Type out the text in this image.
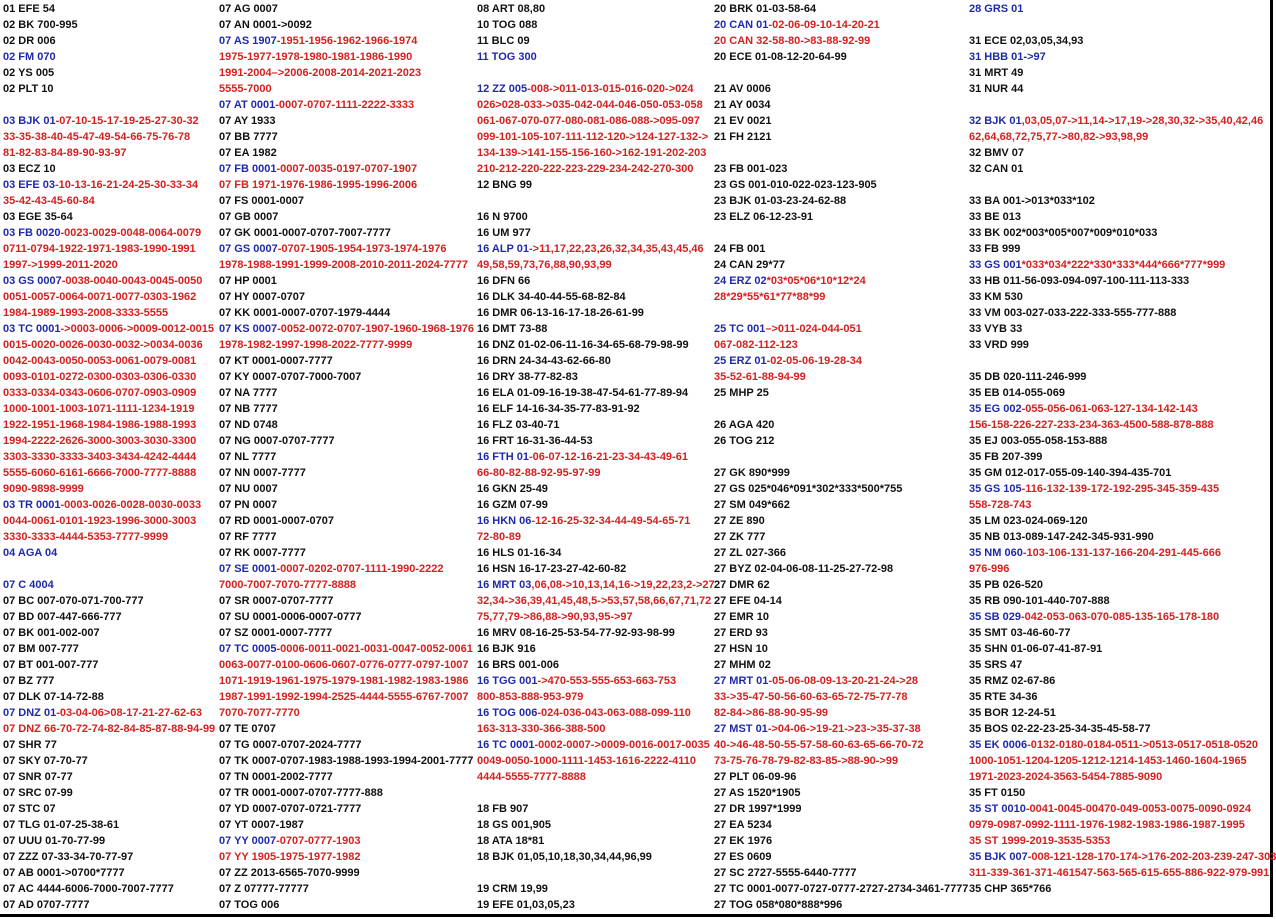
01 EFE 54
02 BK 700-995
02 DR 006
02 FM 070
02 YS 005
02 PLT 10
03 BJK 01-07-10-15-17-19-25-27-30-32
33-35-38-40-45-47-49-54-66-75-76-78
81-82-83-84-89-90-93-97
03 ECZ 10
03 EFE 03-10-13-16-21-24-25-30-33-34
35-42-43-45-60-84
03 EGE 35-64
03 FB 0020-0023-0029-0048-0064-0079
0711-0794-1922-1971-1983-1990-1991
1997->1999-2011-2020
03 GS 0007-0038-0040-0043-0045-0050
0051-0057-0064-0071-0077-0303-1962
1984-1989-1993-2008-3333-5555
03 TC 0001->0003-0006->0009-0012-0015
0015-0020-0026-0030-0032->0034-0036
0042-0043-0050-0053-0061-0079-0081
0093-0101-0272-0300-0303-0306-0330
0333-0334-0343-0606-0707-0903-0909
1000-1001-1003-1071-1111-1234-1919
1922-1951-1968-1984-1986-1988-1993
1994-2222-2626-3000-3003-3030-3300
3303-3330-3333-3403-3434-4242-4444
5555-6060-6161-6666-7000-7777-8888
9090-9898-9999
03 TR 0001-0003-0026-0028-0030-0033
0044-0061-0101-1923-1996-3000-3003
3330-3333-4444-5353-7777-9999
04 AGA 04
07 C 4004
07 BC 007-070-071-700-777
07 BD 007-447-666-777
07 BK 001-002-007
07 BM 007-777
07 BT 001-007-777
07 BZ 777
07 DLK 07-14-72-88
07 DNZ 01-03-04-06>08-17-21-27-62-63
07 DNZ 66-70-72-74-82-84-85-87-88-94-99
07 SHR 77
07 SKY 07-70-77
07 SNR 07-77
07 SRC 07-99
07 STC 07
07 TLG 01-07-25-38-61
07 UUU 01-70-77-99
07 ZZZ 07-33-34-70-77-97
07 AB 0001->0700*7777
07 AC 4444-6006-7000-7007-7777
07 AD 0707-7777
07 AG 0007
07 AN 0001->0092
07 AS 1907-1951-1956-1962-1966-1974
1975-1977-1978-1980-1981-1986-1990
1991-2004–>2006-2008-2014-2021-2023
5555-7000
07 AT 0001-0007-0707-1111-2222-3333
07 AY 1933
07 BB 7777
07 EA 1982
07 FB 0001-0007-0035-0197-0707-1907
07 FB 1971-1976-1986-1995-1996-2006
07 FS 0001-0007
07 GB 0007
07 GK 0001-0007-0707-7007-7777
07 GS 0007-0707-1905-1954-1973-1974-1976
1978-1988-1991-1999-2008-2010-2011-2024-7777
07 HP 0001
07 HY 0007-0707
07 KK 0001-0007-0707-1979-4444
07 KS 0007-0052-0072-0707-1907-1960-1968-1976
1978-1982-1997-1998-2022-7777-9999
07 KT 0001-0007-7777
07 KY 0007-0707-7000-7007
07 NA 7777
07 NB 7777
07 ND 0748
07 NG 0007-0707-7777
07 NL 7777
07 NN 0007-7777
07 NU 0007
07 PN 0007
07 RD 0001-0007-0707
07 RF 7777
07 RK 0007-7777
07 SE 0001-0007-0202-0707-1111-1990-2222
7000-7007-7070-7777-8888
07 SR 0007-0707-7777
07 SU 0001-0006-0007-0777
07 SZ 0001-0007-7777
07 TC 0005-0006-0011-0021-0031-0047-0052-0061
0063-0077-0100-0606-0607-0776-0777-0797-1007
1071-1919-1961-1975-1979-1981-1982-1983-1986
1987-1991-1992-1994-2525-4444-5555-6767-7007
7070-7077-7770
07 TE 0707
07 TG 0007-0707-2024-7777
07 TK 0007-0707-1983-1988-1993-1994-2001-7777
07 TN 0001-2002-7777
07 TR 0001-0007-0707-7777-888
07 YD 0007-0707-0721-7777
07 YT 0007-1987
07 YY 0007-0707-0777-1903
07 YY 1905-1975-1977-1982
07 ZZ 2013-6565-7070-9999
07 Z 07777-77777
07 TOG 006
08 ART 08,80
10 TOG 088
11 BLC 09
11 TOG 300
12 ZZ 005-008->011-013-015-016-020->024
026>028-033->035-042-044-046-050-053-058
061-067-070-077-080-081-086-088->095-097
099-101-105-107-111-112-120->124-127-132->
134-139->141-155-156-160->162-191-202-203
210-212-220-222-223-229-234-242-270-300
12 BNG 99
16 N 9700
16 UM 977
16 ALP 01->11,17,22,23,26,32,34,35,43,45,46
49,58,59,73,76,88,90,93,99
16 DFN 66
16 DLK 34-40-44-55-68-82-84
16 DMR 06-13-16-17-18-26-61-99
16 DMT 73-88
16 DNZ 01-02-06-11-16-34-65-68-79-98-99
16 DRN 24-34-43-62-66-80
16 DRY 38-77-82-83
16 ELA 01-09-16-19-38-47-54-61-77-89-94
16 ELF 14-16-34-35-77-83-91-92
16 FLZ 03-40-71
16 FRT 16-31-36-44-53
16 FTH 01-06-07-12-16-21-23-34-43-49-61
66-80-82-88-92-95-97-99
16 GKN 25-49
16 GZM 07-99
16 HKN 06-12-16-25-32-34-44-49-54-65-71
72-80-89
16 HLS 01-16-34
16 HSN 16-17-23-27-42-60-82
16 MRT 03,06,08->10,13,14,16->19,22,23,2->27
32,34->36,39,41,45,48,5->53,57,58,66,67,71,72
75,77,79->86,88->90,93,95->97
16 MRV 08-16-25-53-54-77-92-93-98-99
16 BJK 916
16 BRS 001-006
16 TGG 001->470-553-555-653-663-753
800-853-888-953-979
16 TOG 006-024-036-043-063-088-099-110
163-313-330-366-388-500
16 TC 0001-0002-0007->0009-0016-0017-0035
0049-0050-1000-1111-1453-1616-2222-4110
4444-5555-7777-8888
18 FB 907
18 GS 001,905
18 ATA 18*81
18 BJK 01,05,10,18,30,34,44,96,99
19 CRM 19,99
19 EFE 01,03,05,23
20 BRK 01-03-58-64
20 CAN 01-02-06-09-10-14-20-21
20 CAN 32-58-80->83-88-92-99
20 ECE 01-08-12-20-64-99
21 AV 0006
21 AY 0034
21 EV 0021
21 FH 2121
23 FB 001-023
23 GS 001-010-022-023-123-905
23 BJK 01-03-23-24-62-88
23 ELZ 06-12-23-91
24 FB 001
24 CAN 29*77
24 ERZ 02*03*05*06*10*12*24
28*29*55*61*77*88*99
25 TC 001–>011-024-044-051
067-082-112-123
25 ERZ 01-02-05-06-19-28-34
35-52-61-88-94-99
25 MHP 25
26 AGA 420
26 TOG 212
27 GK 890*999
27 GS 025*046*091*302*333*500*755
27 SM 049*662
27 ZE 890
27 ZK 777
27 ZL 027-366
27 BYZ 02-04-06-08-11-25-27-72-98
27 DMR 62
27 EFE 04-14
27 EMR 10
27 ERD 93
27 HSN 10
27 MHM 02
27 MRT 01-05-06-08-09-13-20-21-24->28
33->35-47-50-56-60-63-65-72-75-77-78
82-84->86-88-90-95-99
27 MST 01->04-06->19-21->23->35-37-38
40->46-48-50-55-57-58-60-63-65-66-70-72
73-75-76-78-79-82-83-85->88-90->99
27 PLT 06-09-96
27 AS 1520*1905
27 DR 1997*1999
27 EA 5234
27 EK 1976
27 ES 0609
27 SC 2727-5555-6440-7777
27 TC 0001-0077-0727-0777-2727-2734-3461-7777
27 TOG 058*080*888*996
28 GRS 01
31 ECE 02,03,05,34,93
31 HBB 01->97
31 MRT 49
31 NUR 44
32 BJK 01,03,05,07->11,14->17,19->28,30,32->35,40,42,46
62,64,68,72,75,77->80,82->93,98,99
32 BMV 07
32 CAN 01
33 BA 001->013*033*102
33 BE 013
33 BK 002*003*005*007*009*010*033
33 FB 999
33 GS 001*033*034*222*330*333*444*666*777*999
33 HB 011-56-093-094-097-100-111-113-333
33 KM 530
33 VM 003-027-033-222-333-555-777-888
33 VYB 33
33 VRD 999
35 DB 020-111-246-999
35 EB 014-055-069
35 EG 002-055-056-061-063-127-134-142-143
156-158-226-227-233-234-363-4500-588-878-888
35 EJ 003-055-058-153-888
35 FB 207-399
35 GM 012-017-055-09-140-394-435-701
35 GS 105-116-132-139-172-192-295-345-359-435
558-728-743
35 LM 023-024-069-120
35 NB 013-089-147-242-345-931-990
35 NM 060-103-106-131-137-166-204-291-445-666
976-996
35 PB 026-520
35 RB 090-101-440-707-888
35 SB 029-042-053-063-070-085-135-165-178-180
35 SMT 03-46-60-77
35 SHN 01-06-07-41-87-91
35 SRS 47
35 RMZ 02-67-86
35 RTE 34-36
35 BOR 12-24-51
35 BOS 02-22-23-25-34-35-45-58-77
35 EK 0006-0132-0180-0184-0511->0513-0517-0518-0520
1000-1051-1204-1205-1212-1214-1453-1460-1604-1965
1971-2023-2024-3563-5454-7885-9090
35 FT 0150
35 ST 0010-0041-0045-00470-049-0053-0075-0090-0924
0979-0987-0992-1111-1976-1982-1983-1986-1987-1995
35 ST 1999-2019-3535-5353
35 BJK 007-008-121-128-170-174->176-202-203-239-247-303
311-339-361-371-461547-563-565-615-655-886-922-979-991
35 CHP 365*766
